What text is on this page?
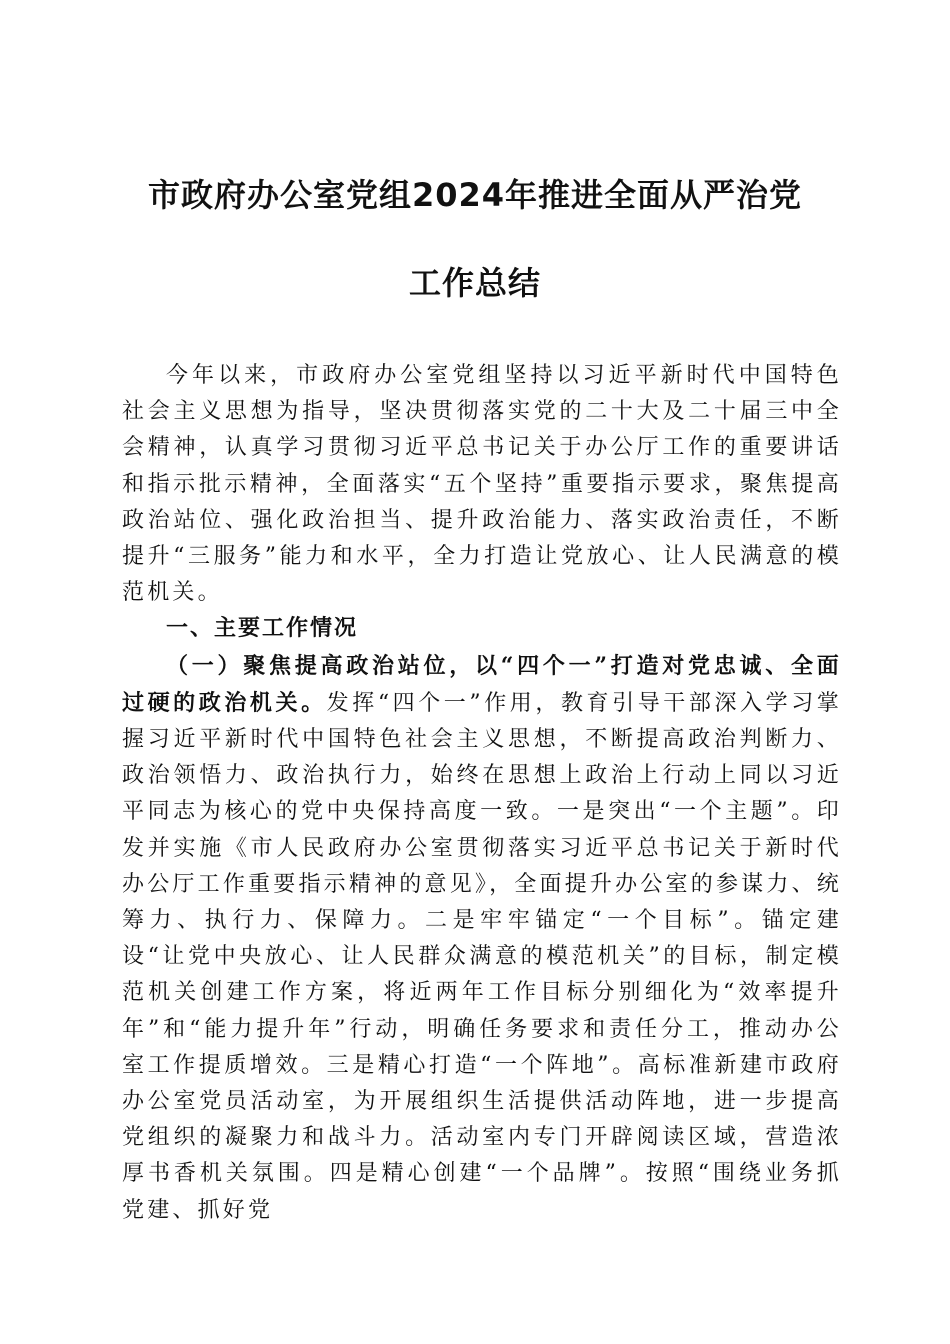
市政府办公室党组2024年推进全面从严治党
工作总结

今年以来，市政府办公室党组坚持以习近平新时代中国特色社会主义思想为指导，坚决贯彻落实党的二十大及二十届三中全会精神，认真学习贯彻习近平总书记关于办公厅工作的重要讲话和指示批示精神，全面落实“五个坚持”重要指示要求，聚焦提高政治站位、强化政治担当、提升政治能力、落实政治责任，不断提升“三服务”能力和水平，全力打造让党放心、让人民满意的模范机关。

一、主要工作情况

（一）聚焦提高政治站位，以“四个一”打造对党忠诚、全面过硬的政治机关。发挥“四个一”作用，教育引导干部深入学习掌握习近平新时代中国特色社会主义思想，不断提高政治判断力、政治领悟力、政治执行力，始终在思想上政治上行动上同以习近平同志为核心的党中央保持高度一致。一是突出“一个主题”。印发并实施《市人民政府办公室贯彻落实习近平总书记关于新时代办公厅工作重要指示精神的意见》，全面提升办公室的参谋力、统筹力、执行力、保障力。二是牢牢锚定“一个目标”。锚定建设“让党中央放心、让人民群众满意的模范机关”的目标，制定模范机关创建工作方案，将近两年工作目标分别细化为“效率提升年”和“能力提升年”行动，明确任务要求和责任分工，推动办公室工作提质增效。三是精心打造“一个阵地”。高标准新建市政府办公室党员活动室，为开展组织生活提供活动阵地，进一步提高党组织的凝聚力和战斗力。活动室内专门开辟阅读区域，营造浓厚书香机关氛围。四是精心创建“一个品牌”。按照“围绕业务抓党建、抓好党
